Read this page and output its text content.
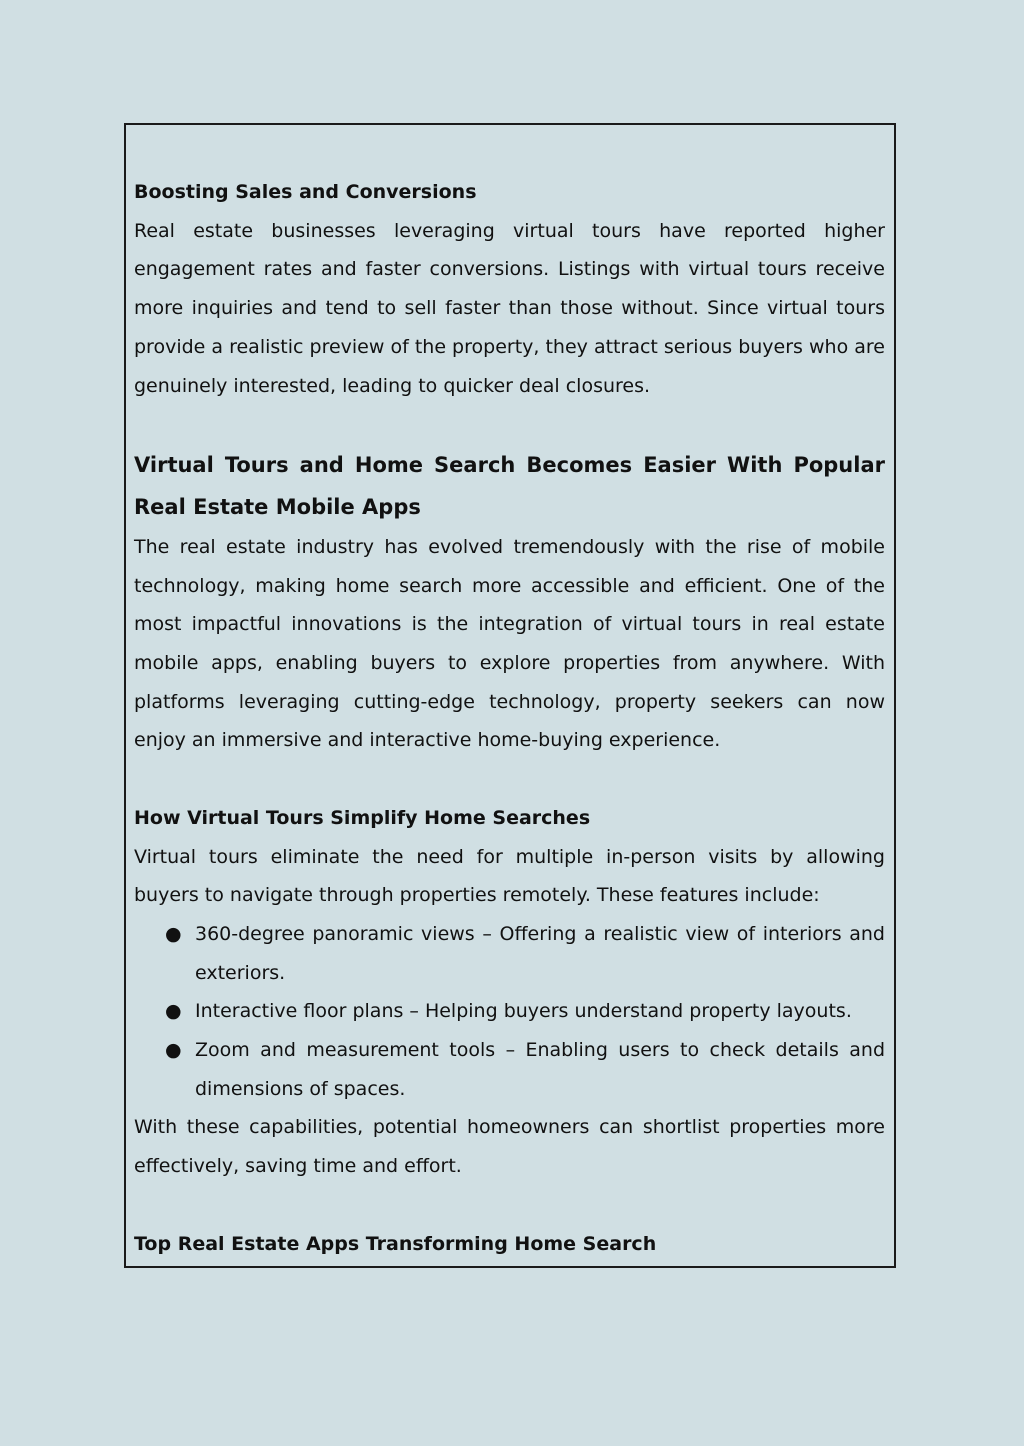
Boosting Sales and Conversions

Real estate businesses leveraging virtual tours have reported higher engagement rates and faster conversions. Listings with virtual tours receive more inquiries and tend to sell faster than those without. Since virtual tours provide a realistic preview of the property, they attract serious buyers who are genuinely interested, leading to quicker deal closures.

Virtual Tours and Home Search Becomes Easier With Popular Real Estate Mobile Apps

The real estate industry has evolved tremendously with the rise of mobile technology, making home search more accessible and efficient. One of the most impactful innovations is the integration of virtual tours in real estate mobile apps, enabling buyers to explore properties from anywhere. With platforms leveraging cutting-edge technology, property seekers can now enjoy an immersive and interactive home-buying experience.

How Virtual Tours Simplify Home Searches

Virtual tours eliminate the need for multiple in-person visits by allowing buyers to navigate through properties remotely. These features include:

● 360-degree panoramic views – Offering a realistic view of interiors and exteriors.
● Interactive floor plans – Helping buyers understand property layouts.
● Zoom and measurement tools – Enabling users to check details and dimensions of spaces.

With these capabilities, potential homeowners can shortlist properties more effectively, saving time and effort.

Top Real Estate Apps Transforming Home Search
